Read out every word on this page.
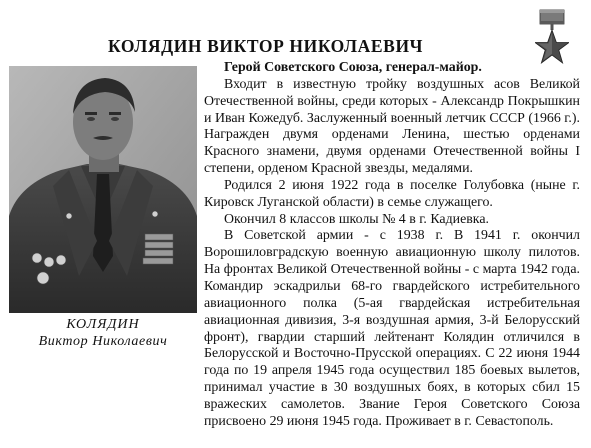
КОЛЯДИН ВИКТОР НИКОЛАЕВИЧ
КОЛЯДИН
Виктор Николаевич

Герой Советского Союза, генерал-майор.

Входит в известную тройку воздушных асов Великой Отечественной войны, среди которых - Александр Покрышкин и Иван Кожедуб. Заслуженный военный летчик СССР (1966 г.). Награжден двумя орденами Ленина, шестью орденами Красного знамени, двумя орденами Отечественной войны I степени, орденом Красной звезды, медалями.

Родился 2 июня 1922 года в поселке Голубовка (ныне г. Кировск Луганской области) в семье служащего.

Окончил 8 классов школы № 4 в г. Кадиевка.

В Советской армии - с 1938 г. В 1941 г. окончил Ворошиловградскую военную авиационную школу пилотов. На фронтах Великой Отечественной войны - с марта 1942 года. Командир эскадрильи 68-го гвардейского истребительного авиационного полка (5-ая гвардейская истребительная авиационная дивизия, 3-я воздушная армия, 3-й Белорусский фронт), гвардии старший лейтенант Колядин отличился в Белорусской и Восточно-Прусской операциях. С 22 июня 1944 года по 19 апреля 1945 года осуществил 185 боевых вылетов, принимал участие в 30 воздушных боях, в которых сбил 15 вражеских самолетов. Звание Героя Советского Союза присвоено 29 июня 1945 года. Проживает в г. Севастополь.
